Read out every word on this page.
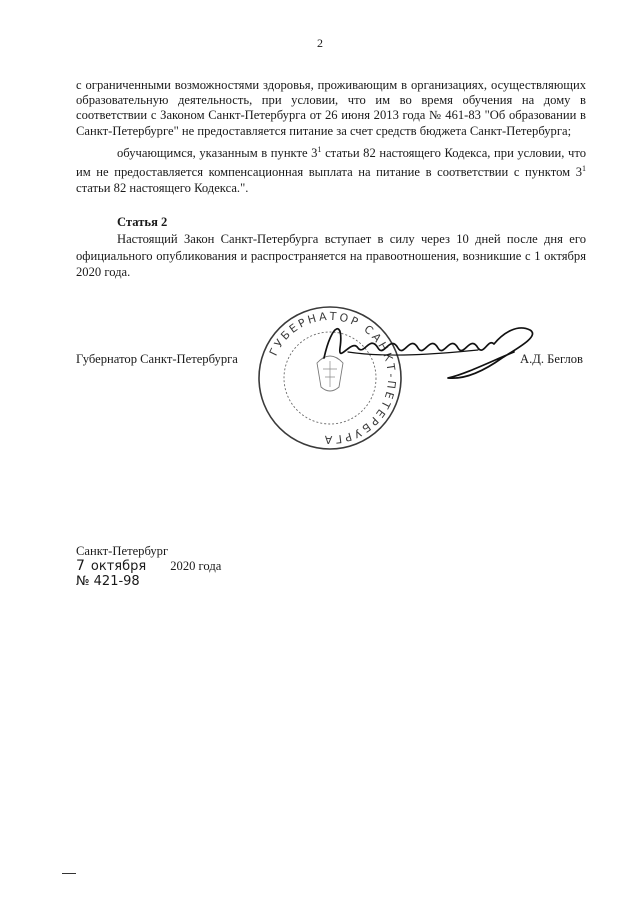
2

с ограниченными возможностями здоровья, проживающим в организациях, осуществляющих образовательную деятельность, при условии, что им во время обучения на дому в соответствии с Законом Санкт-Петербурга от 26 июня 2013 года № 461-83 "Об образовании в Санкт-Петербурге" не предоставляется питание за счет средств бюджета Санкт-Петербурга;

обучающимся, указанным в пункте $3^1$ статьи 82 настоящего Кодекса, при условии, что им не предоставляется компенсационная выплата на питание в соответствии с пунктом $3^1$ статьи 82 настоящего Кодекса.".

Статья 2

Настоящий Закон Санкт-Петербурга вступает в силу через 10 дней после дня его официального опубликования и распространяется на правоотношения, возникшие с 1 октября 2020 года.

Губернатор Санкт-Петербурга	А.Д. Беглов
ГУБЕРНАТОР САНКТ-ПЕТЕРБУРГА
Санкт-Петербург
7 октября 2020 года
№ 421-98
